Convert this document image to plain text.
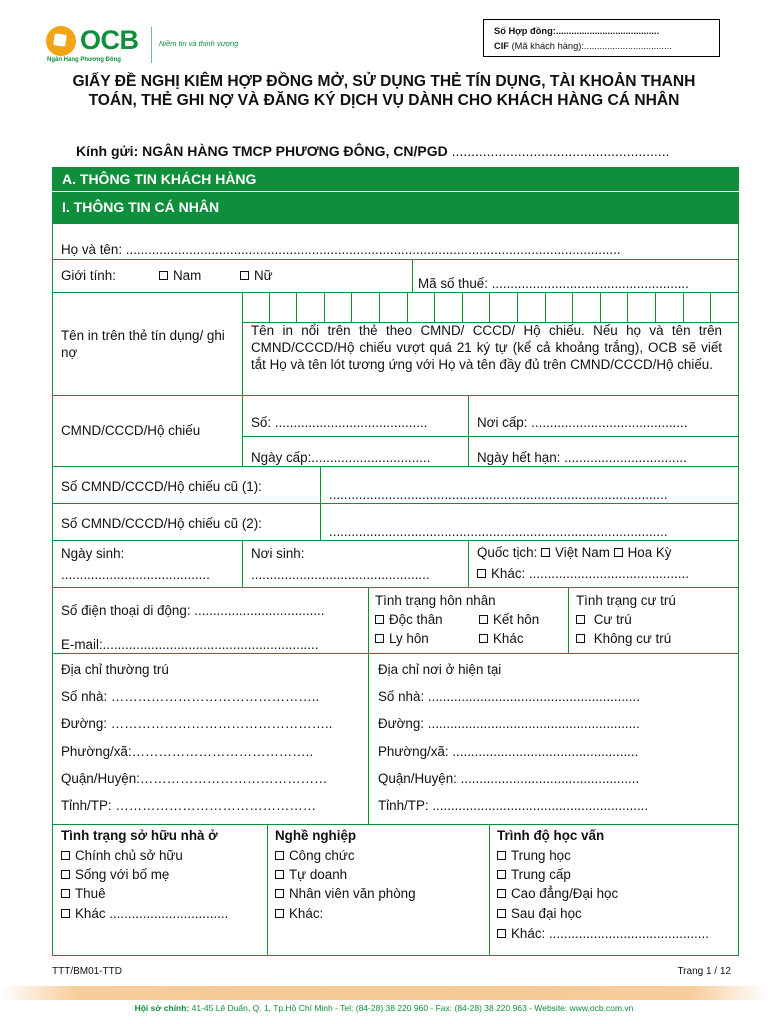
OCB
Ngân Hàng Phương Đông
Niềm tin và thịnh vượng
Số Hợp đồng:........................................
CIF (Mã khách hàng):..................................
GIẤY ĐỀ NGHỊ KIÊM HỢP ĐỒNG MỞ, SỬ DỤNG THẺ TÍN DỤNG, TÀI KHOẢN THANH
TOÁN, THẺ GHI NỢ VÀ ĐĂNG KÝ DỊCH VỤ DÀNH CHO KHÁCH HÀNG CÁ NHÂN
Kính gửi: NGÂN HÀNG TMCP PHƯƠNG ĐÔNG, CN/PGD ........................................................
A. THÔNG TIN KHÁCH HÀNG
I. THÔNG TIN CÁ NHÂN
Họ và tên: .....................................................................................................................................
Giới tính:	Nam	Nữ
Mã số thuế: .....................................................
Tên in trên thẻ tín dụng/ ghi nợ
Tên in nổi trên thẻ theo CMND/ CCCD/ Hộ chiếu. Nếu họ và tên trên CMND/CCCD/Hộ chiếu vượt quá 21 ký tự (kể cả khoảng trắng), OCB sẽ viết tắt Họ và tên lót tương ứng với Họ và tên đầy đủ trên CMND/CCCD/Hộ chiếu.
CMND/CCCD/Hộ chiếu
Số: .........................................	Nơi cấp: ..........................................
Ngày cấp:................................	Ngày hết hạn: .................................
Số CMND/CCCD/Hộ chiếu cũ (1):
...........................................................................................
Số CMND/CCCD/Hộ chiếu cũ (2):
...........................................................................................
Ngày sinh:
........................................
Nơi sinh:
................................................
Quốc tịch: Việt Nam Hoa Kỳ
Khác: ...........................................
Số điện thoại di động: ...................................
E-mail:..........................................................
Tình trạng hôn nhân
Độc thân	Kết hôn
Ly hôn	Khác
Tình trạng cư trú
Cư trú
Không cư trú
Địa chỉ thường trú
Số nhà: ………………………………………..
Đường: …………………………………………..
Phường/xã:…………………………………..
Quận/Huyện:……………………………………
Tỉnh/TP: ………………………………………
Địa chỉ nơi ở hiện tại
Số nhà: .........................................................
Đường: .........................................................
Phường/xã: ..................................................
Quận/Huyện: ................................................
Tỉnh/TP: ..........................................................
Tình trạng sở hữu nhà ở
Chính chủ sở hữu
Sống với bố mẹ
Thuê
Khác ................................
Nghề nghiệp
Công chức
Tự doanh
Nhân viên văn phòng
Khác:
Trình độ học vấn
Trung học
Trung cấp
Cao đẳng/Đại học
Sau đại học
Khác: ...........................................
TTT/BM01-TTD	Trang 1 / 12
Hội sở chính: 41-45 Lê Duẩn, Q. 1, Tp.Hồ Chí Minh - Tel: (84-28) 38 220 960 - Fax: (84-28) 38 220 963 - Website: www.ocb.com.vn
